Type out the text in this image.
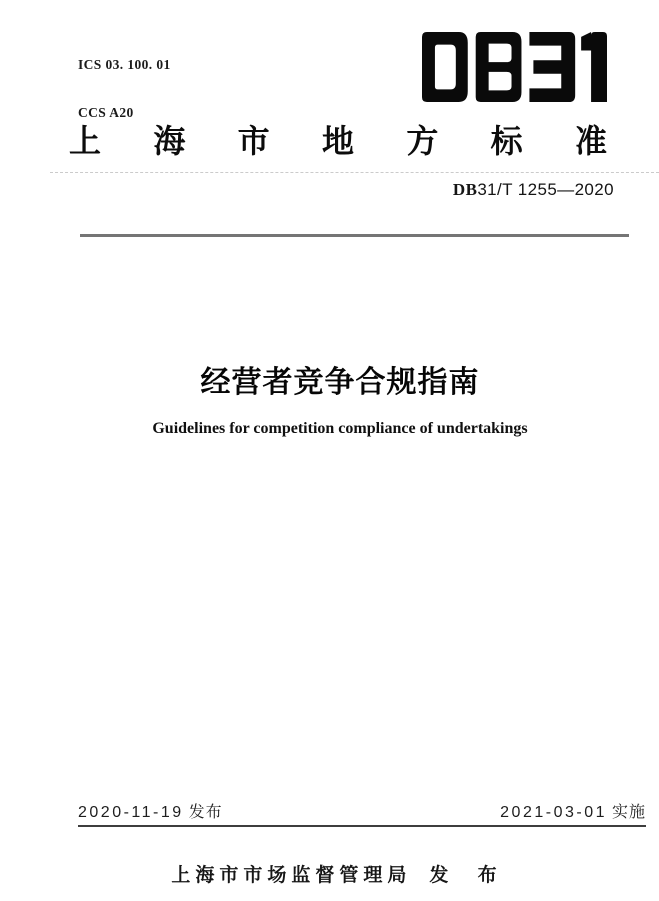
ICS 03. 100. 01

CCS A20

上 海 市 地 方 标 准
DB31/T 1255—2020
经营者竞争合规指南
Guidelines for competition compliance of undertakings
2020-11-19 发布	2021-03-01 实施
上海市市场监督管理局 发 布
